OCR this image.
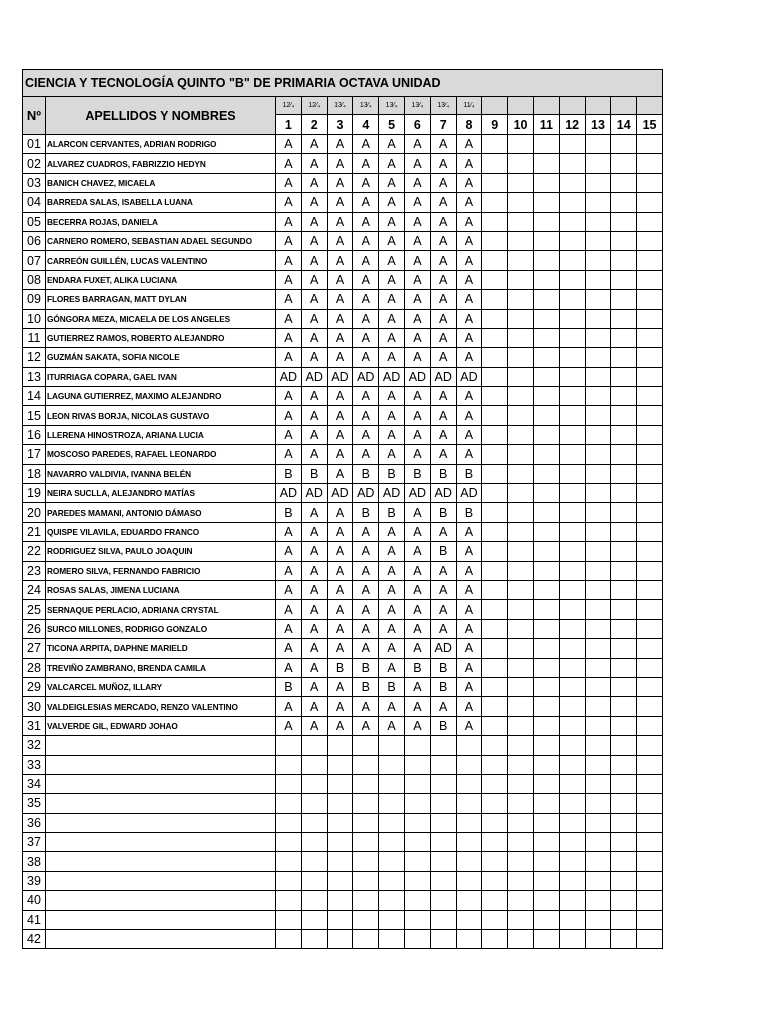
CIENCIA Y TECNOLOGÍA QUINTO "B" DE PRIMARIA OCTAVA UNIDAD																
Nº	APELLIDOS Y NOMBRES	12⁄₄	12⁄₄	13⁄₄	13⁄₄	13⁄₄	13⁄₄	13⁄₄	11⁄₄							
		1	2	3	4	5	6	7	8	9	10	11	12	13	14	15
01	ALARCON CERVANTES, ADRIAN RODRIGO	A	A	A	A	A	A	A	A							
02	ALVAREZ CUADROS, FABRIZZIO HEDYN	A	A	A	A	A	A	A	A							
03	BANICH CHAVEZ, MICAELA	A	A	A	A	A	A	A	A							
04	BARREDA SALAS, ISABELLA LUANA	A	A	A	A	A	A	A	A							
05	BECERRA ROJAS, DANIELA	A	A	A	A	A	A	A	A							
06	CARNERO ROMERO, SEBASTIAN ADAEL SEGUNDO	A	A	A	A	A	A	A	A							
07	CARREÓN GUILLÉN, LUCAS VALENTINO	A	A	A	A	A	A	A	A							
08	ENDARA FUXET, ALIKA LUCIANA	A	A	A	A	A	A	A	A							
09	FLORES BARRAGAN, MATT DYLAN	A	A	A	A	A	A	A	A							
10	GÓNGORA MEZA, MICAELA DE LOS ANGELES	A	A	A	A	A	A	A	A							
11	GUTIERREZ RAMOS, ROBERTO ALEJANDRO	A	A	A	A	A	A	A	A							
12	GUZMÁN SAKATA, SOFIA NICOLE	A	A	A	A	A	A	A	A							
13	ITURRIAGA COPARA, GAEL IVAN	AD	AD	AD	AD	AD	AD	AD	AD							
14	LAGUNA GUTIERREZ, MAXIMO ALEJANDRO	A	A	A	A	A	A	A	A							
15	LEON RIVAS BORJA, NICOLAS GUSTAVO	A	A	A	A	A	A	A	A							
16	LLERENA HINOSTROZA, ARIANA LUCIA	A	A	A	A	A	A	A	A							
17	MOSCOSO PAREDES, RAFAEL LEONARDO	A	A	A	A	A	A	A	A							
18	NAVARRO VALDIVIA, IVANNA BELÉN	B	B	A	B	B	B	B	B							
19	NEIRA SUCLLA, ALEJANDRO MATÍAS	AD	AD	AD	AD	AD	AD	AD	AD							
20	PAREDES MAMANI, ANTONIO DÁMASO	B	A	A	B	B	A	B	B							
21	QUISPE VILAVILA, EDUARDO FRANCO	A	A	A	A	A	A	A	A							
22	RODRIGUEZ SILVA, PAULO JOAQUIN	A	A	A	A	A	A	B	A							
23	ROMERO SILVA, FERNANDO FABRICIO	A	A	A	A	A	A	A	A							
24	ROSAS SALAS, JIMENA LUCIANA	A	A	A	A	A	A	A	A							
25	SERNAQUE PERLACIO, ADRIANA CRYSTAL	A	A	A	A	A	A	A	A							
26	SURCO MILLONES, RODRIGO GONZALO	A	A	A	A	A	A	A	A							
27	TICONA ARPITA, DAPHNE MARIELD	A	A	A	A	A	A	AD	A							
28	TREVIÑO ZAMBRANO, BRENDA CAMILA	A	A	B	B	A	B	B	A							
29	VALCARCEL MUÑOZ, ILLARY	B	A	A	B	B	A	B	A							
30	VALDEIGLESIAS MERCADO, RENZO VALENTINO	A	A	A	A	A	A	A	A							
31	VALVERDE GIL, EDWARD JOHAO	A	A	A	A	A	A	B	A							
32																
33																
34																
35																
36																
37																
38																
39																
40																
41																
42																
